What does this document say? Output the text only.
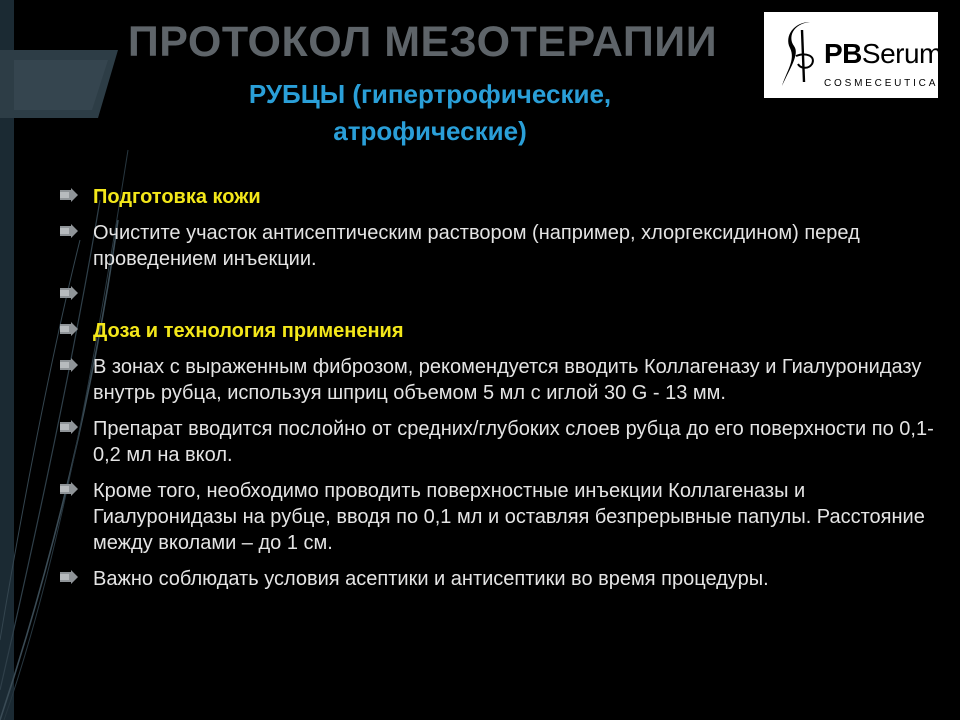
ПРОТОКОЛ МЕЗОТЕРАПИИ
РУБЦЫ (гипертрофические, атрофические)
PBSerum
COSMECEUTICALS
Подготовка кожи
Очистите участок антисептическим раствором (например, хлоргексидином) перед проведением инъекции.
Доза и технология применения
В зонах с выраженным фиброзом, рекомендуется вводить Коллагеназу и Гиалуронидазу внутрь рубца, используя шприц объемом 5 мл с иглой 30 G - 13 мм.
Препарат вводится послойно от средних/глубоких слоев рубца до его поверхности по 0,1-0,2 мл на вкол.
Кроме того, необходимо проводить поверхностные инъекции Коллагеназы и Гиалуронидазы на рубце, вводя по 0,1 мл и оставляя безпрерывные папулы. Расстояние между вколами – до 1 см.
Важно соблюдать условия асептики и антисептики во время процедуры.
